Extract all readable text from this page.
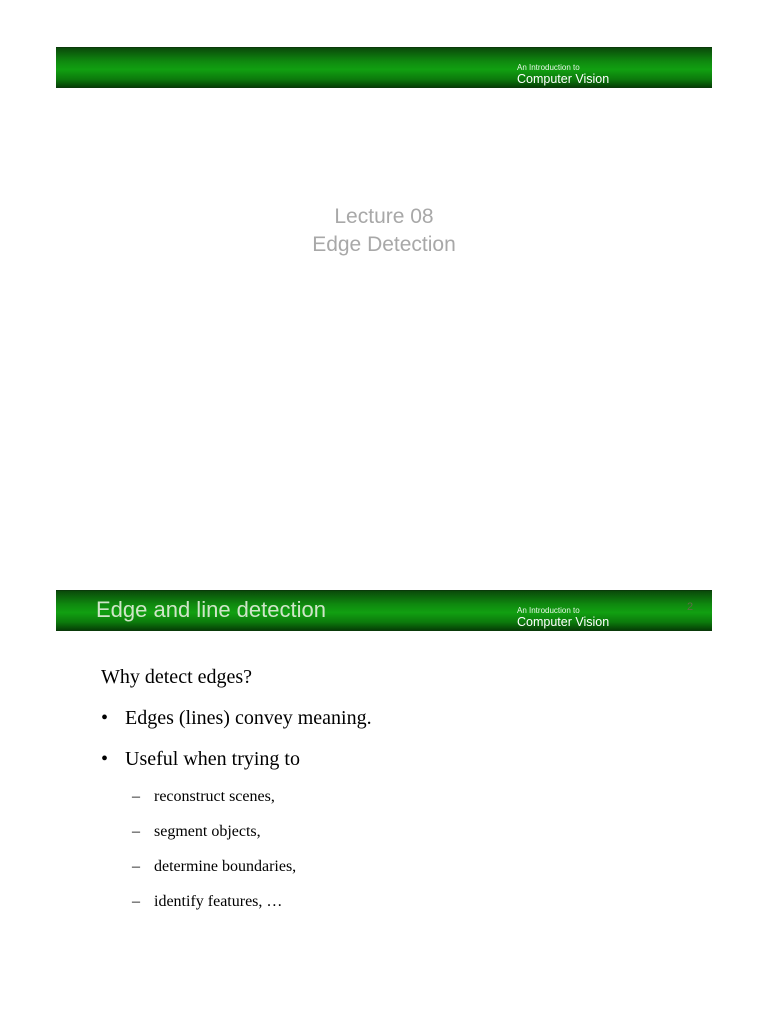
An Introduction to
Computer Vision
Lecture 08
Edge Detection
Edge and line detection	An Introduction to
Computer Vision
2
Why detect edges?
• Edges (lines) convey meaning.
• Useful when trying to
– reconstruct scenes,
– segment objects,
– determine boundaries,
– identify features, …
